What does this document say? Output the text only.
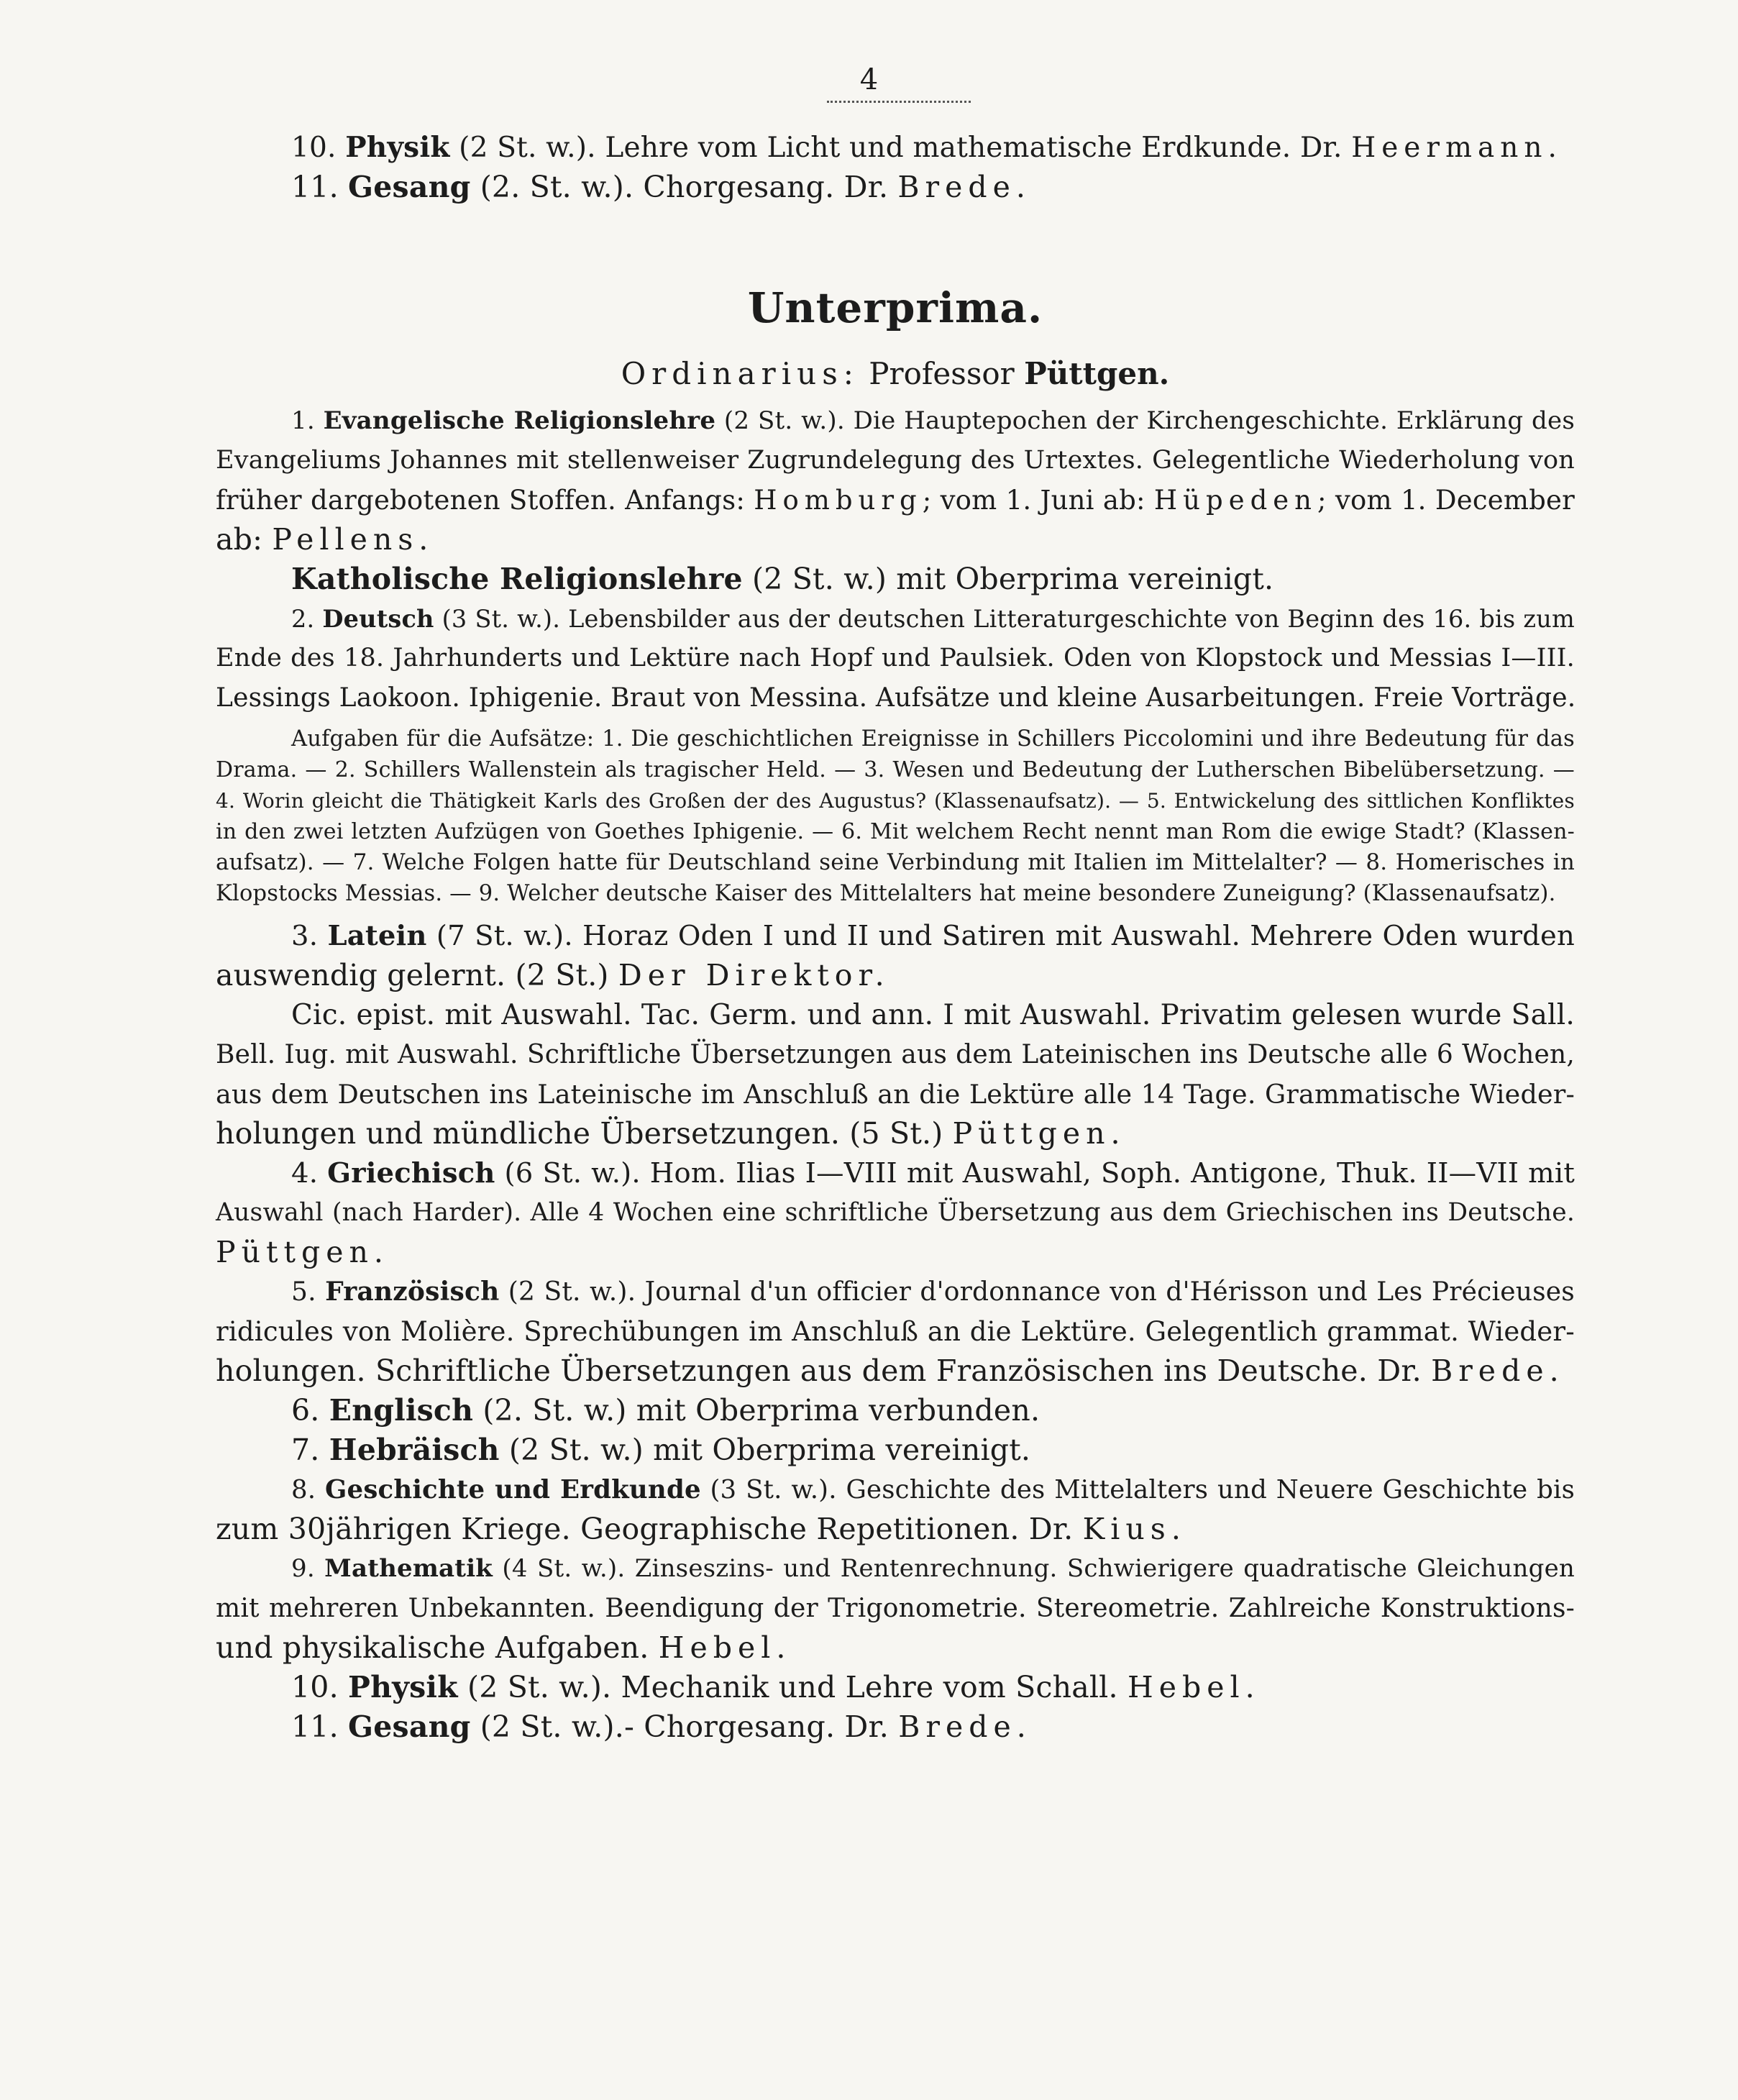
4
10. Physik (2 St. w.). Lehre vom Licht und mathematische Erdkunde. Dr. Heermann.
11. Gesang (2. St. w.). Chorgesang. Dr. Brede.
Unterprima.
Ordinarius: Professor Püttgen.
1. Evangelische Religionslehre (2 St. w.). Die Hauptepochen der Kirchengeschichte. Erklärung des
Evangeliums Johannes mit stellenweiser Zugrundelegung des Urtextes. Gelegentliche Wiederholung von
früher dargebotenen Stoffen. Anfangs: Homburg; vom 1. Juni ab: Hüpeden; vom 1. December
ab: Pellens.
Katholische Religionslehre (2 St. w.) mit Oberprima vereinigt.
2. Deutsch (3 St. w.). Lebensbilder aus der deutschen Litteraturgeschichte von Beginn des 16. bis zum
Ende des 18. Jahrhunderts und Lektüre nach Hopf und Paulsiek. Oden von Klopstock und Messias I—III.
Lessings Laokoon. Iphigenie. Braut von Messina. Aufsätze und kleine Ausarbeitungen. Freie Vorträge.
Aufgaben für die Aufsätze: 1. Die geschichtlichen Ereignisse in Schillers Piccolomini und ihre Bedeutung für das
Drama. — 2. Schillers Wallenstein als tragischer Held. — 3. Wesen und Bedeutung der Lutherschen Bibelübersetzung. —
4. Worin gleicht die Thätigkeit Karls des Großen der des Augustus? (Klassenaufsatz). — 5. Entwickelung des sittlichen Konfliktes
in den zwei letzten Aufzügen von Goethes Iphigenie. — 6. Mit welchem Recht nennt man Rom die ewige Stadt? (Klassen-
aufsatz). — 7. Welche Folgen hatte für Deutschland seine Verbindung mit Italien im Mittelalter? — 8. Homerisches in
Klopstocks Messias. — 9. Welcher deutsche Kaiser des Mittelalters hat meine besondere Zuneigung? (Klassenaufsatz).
3. Latein (7 St. w.). Horaz Oden I und II und Satiren mit Auswahl. Mehrere Oden wurden
auswendig gelernt. (2 St.) Der Direktor.
Cic. epist. mit Auswahl. Tac. Germ. und ann. I mit Auswahl. Privatim gelesen wurde Sall.
Bell. Iug. mit Auswahl. Schriftliche Übersetzungen aus dem Lateinischen ins Deutsche alle 6 Wochen,
aus dem Deutschen ins Lateinische im Anschluß an die Lektüre alle 14 Tage. Grammatische Wieder-
holungen und mündliche Übersetzungen. (5 St.) Püttgen.
4. Griechisch (6 St. w.). Hom. Ilias I—VIII mit Auswahl, Soph. Antigone, Thuk. II—VII mit
Auswahl (nach Harder). Alle 4 Wochen eine schriftliche Übersetzung aus dem Griechischen ins Deutsche.
Püttgen.
5. Französisch (2 St. w.). Journal d'un officier d'ordonnance von d'Hérisson und Les Précieuses
ridicules von Molière. Sprechübungen im Anschluß an die Lektüre. Gelegentlich grammat. Wieder-
holungen. Schriftliche Übersetzungen aus dem Französischen ins Deutsche. Dr. Brede.
6. Englisch (2. St. w.) mit Oberprima verbunden.
7. Hebräisch (2 St. w.) mit Oberprima vereinigt.
8. Geschichte und Erdkunde (3 St. w.). Geschichte des Mittelalters und Neuere Geschichte bis
zum 30jährigen Kriege. Geographische Repetitionen. Dr. Kius.
9. Mathematik (4 St. w.). Zinseszins- und Rentenrechnung. Schwierigere quadratische Gleichungen
mit mehreren Unbekannten. Beendigung der Trigonometrie. Stereometrie. Zahlreiche Konstruktions-
und physikalische Aufgaben. Hebel.
10. Physik (2 St. w.). Mechanik und Lehre vom Schall. Hebel.
11. Gesang (2 St. w.).- Chorgesang. Dr. Brede.
